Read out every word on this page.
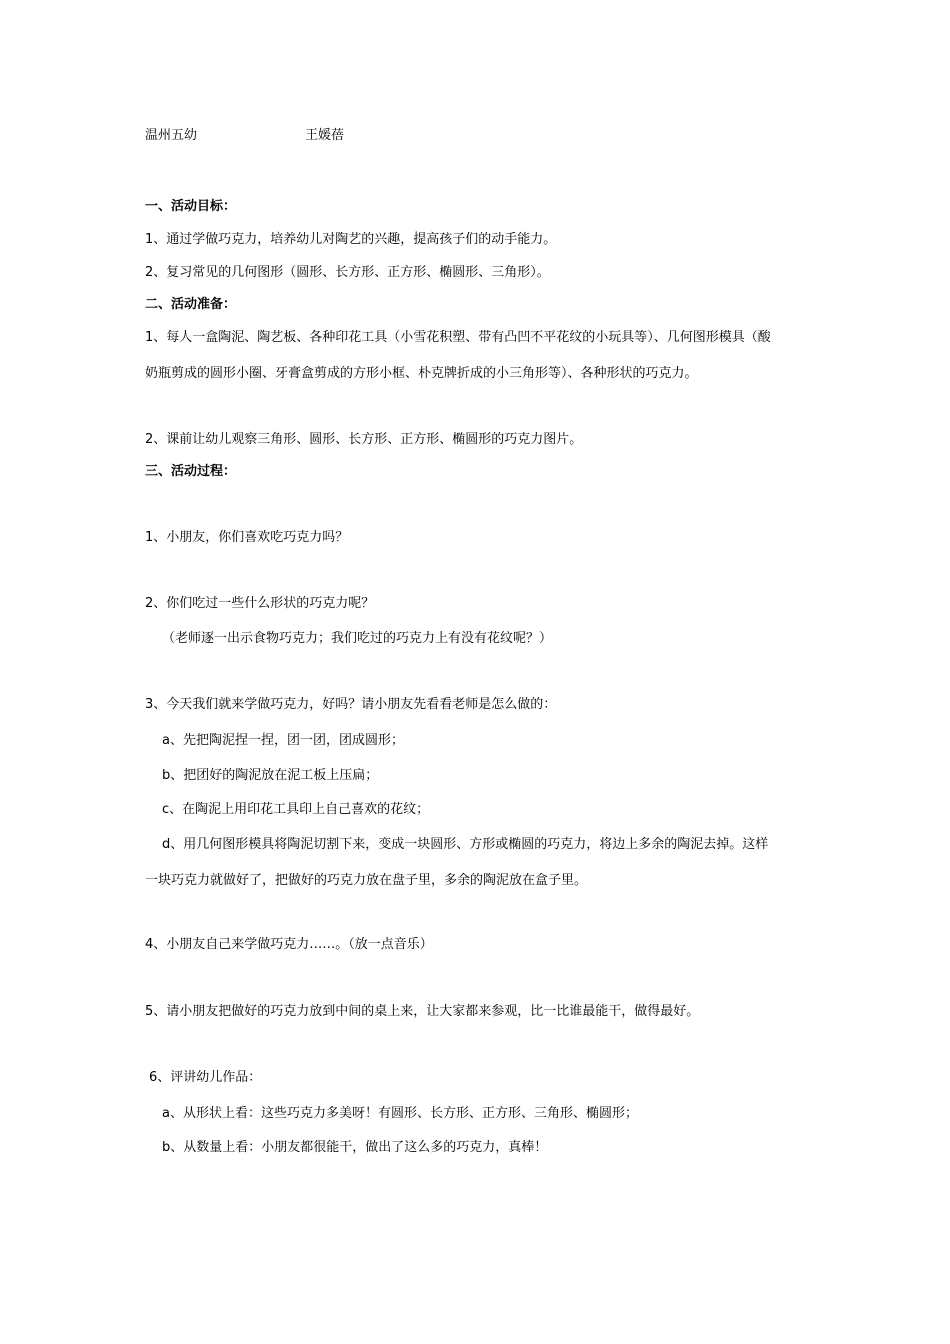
温州五幼	王媛蓓
一、活动目标：
1、通过学做巧克力，培养幼儿对陶艺的兴趣，提高孩子们的动手能力。
2、复习常见的几何图形（圆形、长方形、正方形、椭圆形、三角形）。
二、活动准备：
1、每人一盒陶泥、陶艺板、各种印花工具（小雪花积塑、带有凸凹不平花纹的小玩具等）、几何图形模具（酸
奶瓶剪成的圆形小圈、牙膏盒剪成的方形小框、朴克牌折成的小三角形等）、各种形状的巧克力。
2、课前让幼儿观察三角形、圆形、长方形、正方形、椭圆形的巧克力图片。
三、活动过程：
1、小朋友，你们喜欢吃巧克力吗？
2、你们吃过一些什么形状的巧克力呢？
（老师逐一出示食物巧克力；我们吃过的巧克力上有没有花纹呢？）
3、今天我们就来学做巧克力，好吗？请小朋友先看看老师是怎么做的：
a、先把陶泥捏一捏，团一团，团成圆形；
b、把团好的陶泥放在泥工板上压扁；
c、在陶泥上用印花工具印上自己喜欢的花纹；
d、用几何图形模具将陶泥切割下来，变成一块圆形、方形或椭圆的巧克力，将边上多余的陶泥去掉。这样
一块巧克力就做好了，把做好的巧克力放在盘子里，多余的陶泥放在盒子里。
4、小朋友自己来学做巧克力……。（放一点音乐）
5、请小朋友把做好的巧克力放到中间的桌上来，让大家都来参观，比一比谁最能干，做得最好。
6、评讲幼儿作品：
a、从形状上看：这些巧克力多美呀！有圆形、长方形、正方形、三角形、椭圆形；
b、从数量上看：小朋友都很能干，做出了这么多的巧克力，真棒！
